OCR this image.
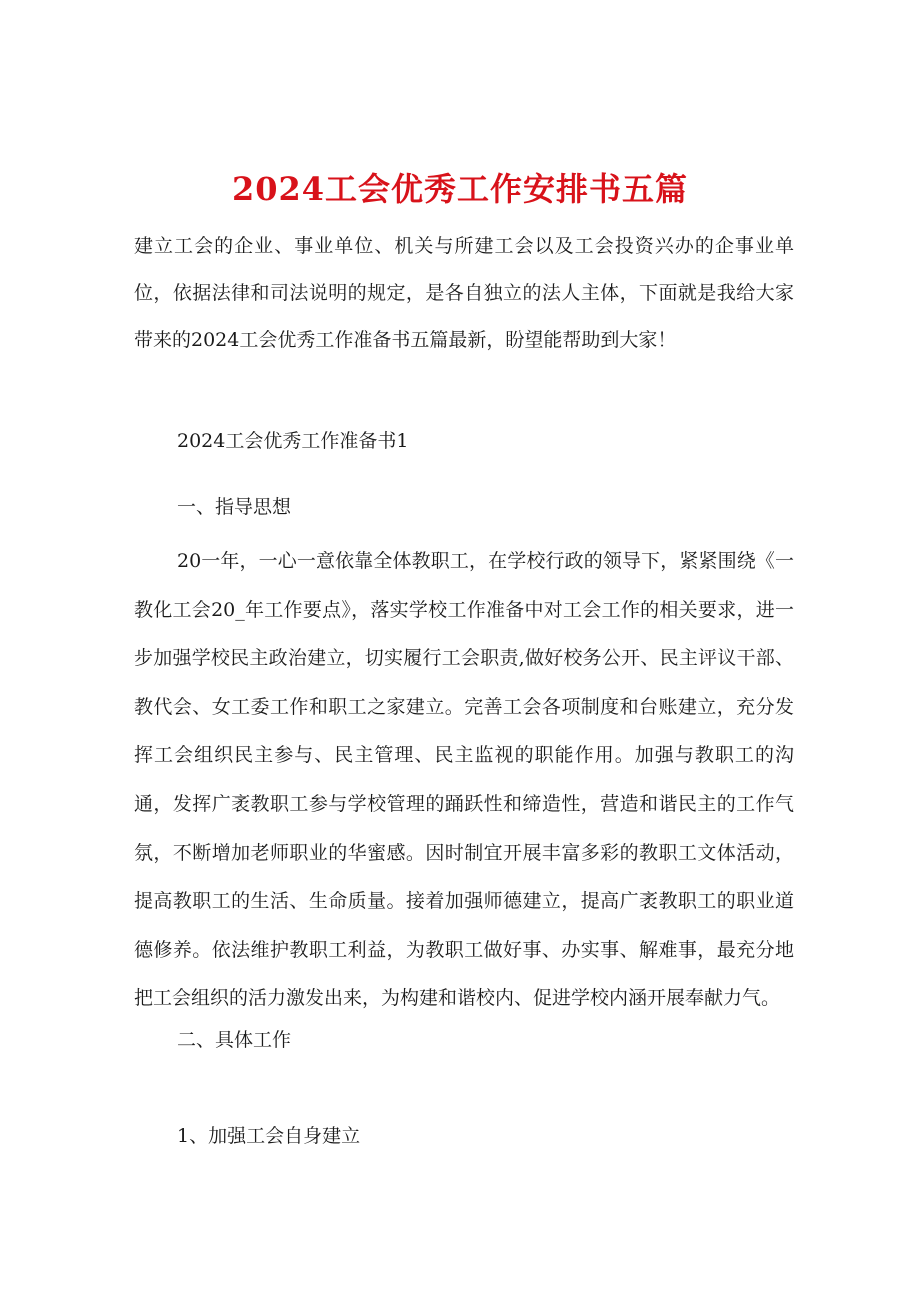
2024工会优秀工作安排书五篇

建立工会的企业、事业单位、机关与所建工会以及工会投资兴办的企事业单位，依据法律和司法说明的规定，是各自独立的法人主体，下面就是我给大家带来的2024工会优秀工作准备书五篇最新，盼望能帮助到大家！

2024工会优秀工作准备书1

一、指导思想

20一年，一心一意依靠全体教职工，在学校行政的领导下，紧紧围绕《一教化工会20_年工作要点》，落实学校工作准备中对工会工作的相关要求，进一步加强学校民主政治建立，切实履行工会职责,做好校务公开、民主评议干部、教代会、女工委工作和职工之家建立。完善工会各项制度和台账建立，充分发挥工会组织民主参与、民主管理、民主监视的职能作用。加强与教职工的沟通，发挥广袤教职工参与学校管理的踊跃性和缔造性，营造和谐民主的工作气氛，不断增加老师职业的华蜜感。因时制宜开展丰富多彩的教职工文体活动，提高教职工的生活、生命质量。接着加强师德建立，提高广袤教职工的职业道德修养。依法维护教职工利益，为教职工做好事、办实事、解难事，最充分地把工会组织的活力激发出来，为构建和谐校内、促进学校内涵开展奉献力气。

二、具体工作

1、加强工会自身建立
